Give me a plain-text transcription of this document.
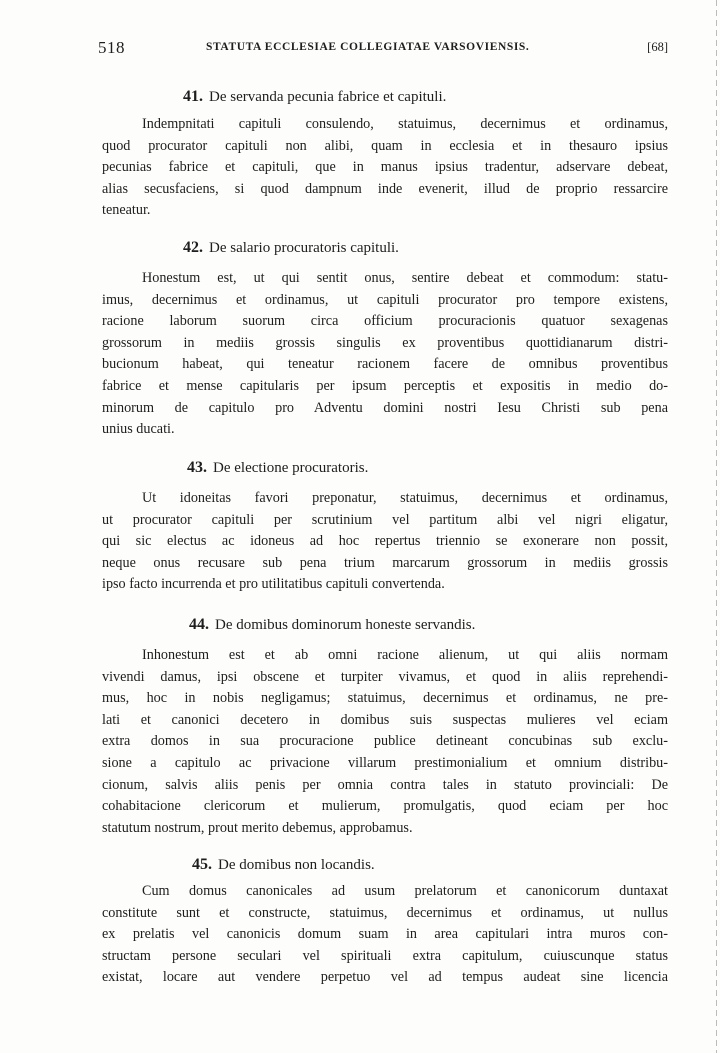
518	STATUTA ECCLESIAE COLLEGIATAE VARSOVIENSIS.	[68]
41. De servanda pecunia fabrice et capituli.
Indempnitati capituli consulendo, statuimus, decernimus et ordinamus,
quod procurator capituli non alibi, quam in ecclesia et in thesauro ipsius
pecunias fabrice et capituli, que in manus ipsius tradentur, adservare debeat,
alias secusfaciens, si quod dampnum inde evenerit, illud de proprio ressarcire
teneatur.
42. De salario procuratoris capituli.
Honestum est, ut qui sentit onus, sentire debeat et commodum: statu-
imus, decernimus et ordinamus, ut capituli procurator pro tempore existens,
racione laborum suorum circa officium procuracionis quatuor sexagenas
grossorum in mediis grossis singulis ex proventibus quottidianarum distri-
bucionum habeat, qui teneatur racionem facere de omnibus proventibus
fabrice et mense capitularis per ipsum perceptis et expositis in medio do-
minorum de capitulo pro Adventu domini nostri Iesu Christi sub pena
unius ducati.
43. De electione procuratoris.
Ut idoneitas favori preponatur, statuimus, decernimus et ordinamus,
ut procurator capituli per scrutinium vel partitum albi vel nigri eligatur,
qui sic electus ac idoneus ad hoc repertus triennio se exonerare non possit,
neque onus recusare sub pena trium marcarum grossorum in mediis grossis
ipso facto incurrenda et pro utilitatibus capituli convertenda.
44. De domibus dominorum honeste servandis.
Inhonestum est et ab omni racione alienum, ut qui aliis normam
vivendi damus, ipsi obscene et turpiter vivamus, et quod in aliis reprehendi-
mus, hoc in nobis negligamus; statuimus, decernimus et ordinamus, ne pre-
lati et canonici decetero in domibus suis suspectas mulieres vel eciam
extra domos in sua procuracione publice detineant concubinas sub exclu-
sione a capitulo ac privacione villarum prestimonialium et omnium distribu-
cionum, salvis aliis penis per omnia contra tales in statuto provinciali: De
cohabitacione clericorum et mulierum, promulgatis, quod eciam per hoc
statutum nostrum, prout merito debemus, approbamus.
45. De domibus non locandis.
Cum domus canonicales ad usum prelatorum et canonicorum duntaxat
constitute sunt et constructe, statuimus, decernimus et ordinamus, ut nullus
ex prelatis vel canonicis domum suam in area capitulari intra muros con-
structam persone seculari vel spirituali extra capitulum, cuiuscunque status
existat, locare aut vendere perpetuo vel ad tempus audeat sine licencia
